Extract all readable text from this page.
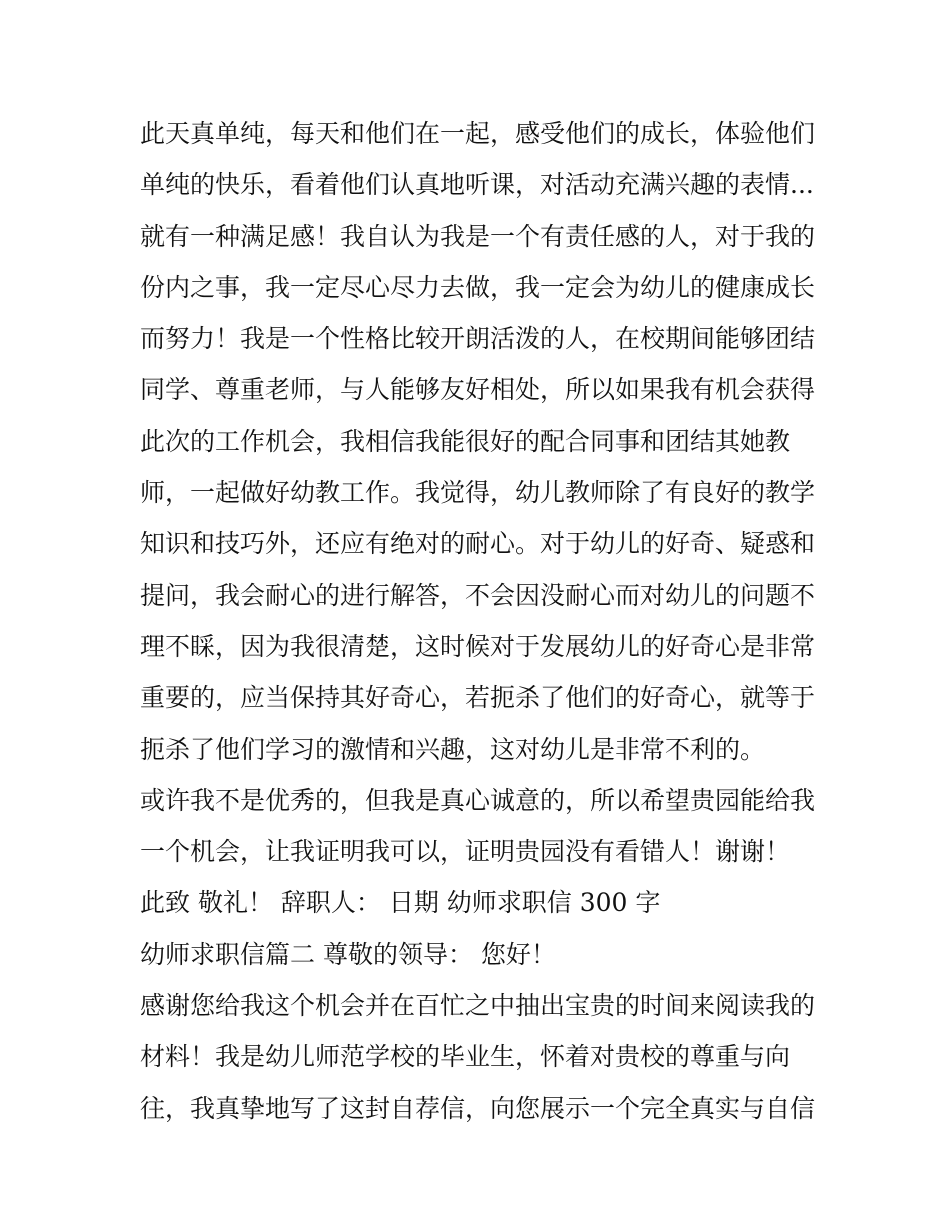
此天真单纯，每天和他们在一起，感受他们的成长，体验他们
单纯的快乐，看着他们认真地听课，对活动充满兴趣的表情...
就有一种满足感！我自认为我是一个有责任感的人，对于我的
份内之事，我一定尽心尽力去做，我一定会为幼儿的健康成长
而努力！我是一个性格比较开朗活泼的人，在校期间能够团结
同学、尊重老师，与人能够友好相处，所以如果我有机会获得
此次的工作机会，我相信我能很好的配合同事和团结其她教
师，一起做好幼教工作。我觉得，幼儿教师除了有良好的教学
知识和技巧外，还应有绝对的耐心。对于幼儿的好奇、疑惑和
提问，我会耐心的进行解答，不会因没耐心而对幼儿的问题不
理不睬，因为我很清楚，这时候对于发展幼儿的好奇心是非常
重要的，应当保持其好奇心，若扼杀了他们的好奇心，就等于
扼杀了他们学习的激情和兴趣，这对幼儿是非常不利的。
或许我不是优秀的，但我是真心诚意的，所以希望贵园能给我
一个机会，让我证明我可以，证明贵园没有看错人！谢谢！
此致 敬礼！ 辞职人： 日期 幼师求职信 300 字
幼师求职信篇二 尊敬的领导： 您好！
感谢您给我这个机会并在百忙之中抽出宝贵的时间来阅读我的
材料！我是幼儿师范学校的毕业生，怀着对贵校的尊重与向
往，我真挚地写了这封自荐信，向您展示一个完全真实与自信
